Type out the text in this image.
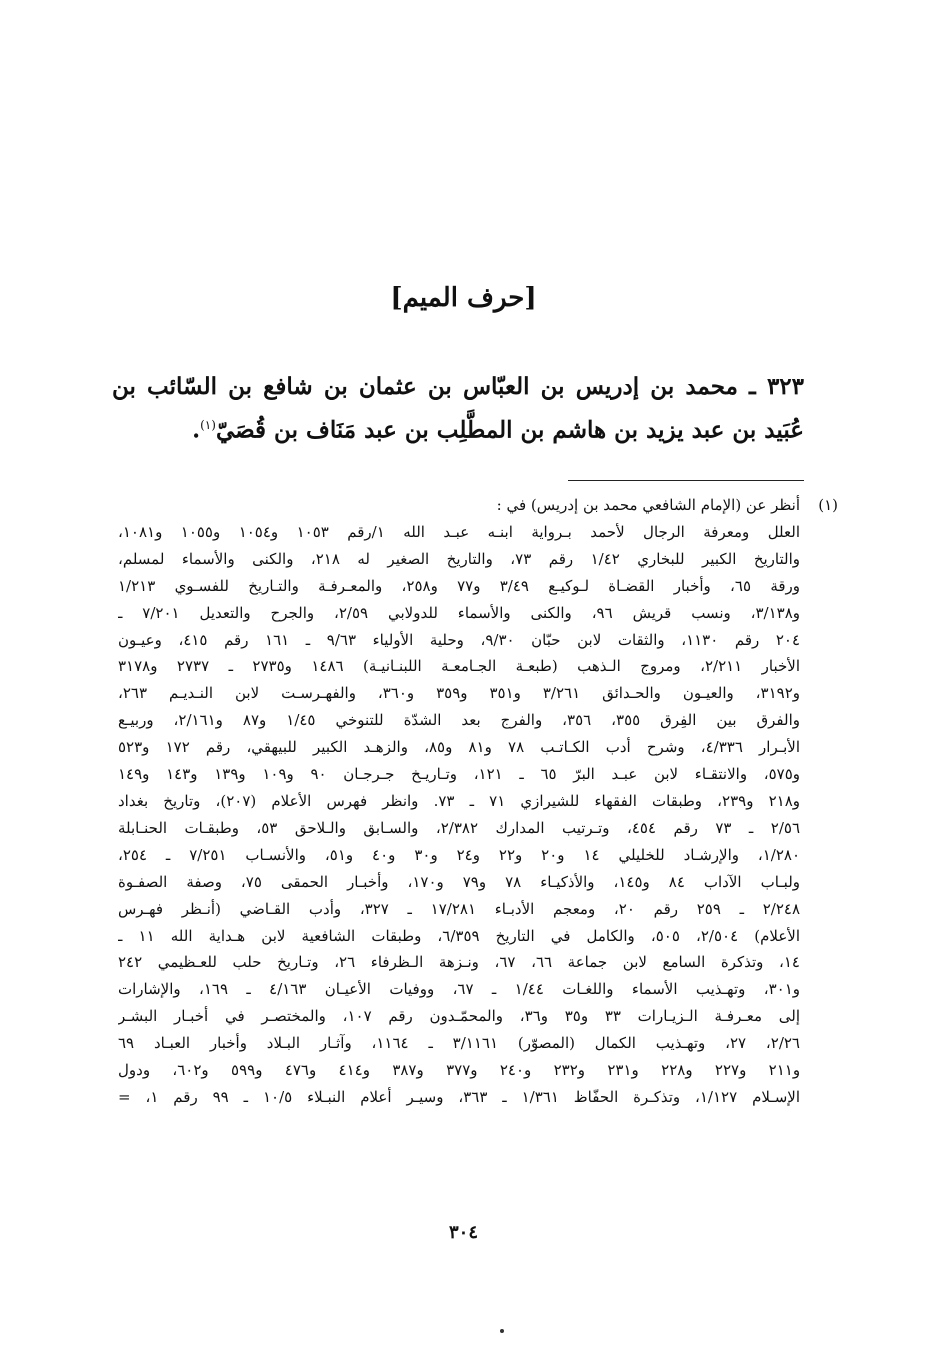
[حرف الميم]
٣٢٣ ـ محمد بن إدريس بن العبّاس بن عثمان بن شافع بن السّائب بن عُبَيد بن عبد يزيد بن هاشم بن المطَّلِب بن عبد مَنَاف بن قُصَيّ$^{(١)}$.
(١)
أنظر عن (الإمام الشافعي محمد بن إدريس) في :
العلل ومعرفة الرجال لأحمد بـرواية ابنـه عبـد الله ١/رقم ١٠٥٣ و١٠٥٤ و١٠٥٥ و١٠٨١،
والتاريخ الكبير للبخاري ١/٤٢ رقم ٧٣، والتاريخ الصغير له ٢١٨، والكنى والأسماء لمسلم،
ورقة ٦٥، وأخبار القضـاة لـوكيـع ٣/٤٩ و٧٧ و٢٥٨، والمعـرفـة والتـاريخ للفسـوي ١/٢١٣
و٣/١٣٨، ونسب قريش ٩٦، والكنى والأسماء للدولابي ٢/٥٩، والجرح والتعديل ٧/٢٠١ ـ
٢٠٤ رقم ١١٣٠، والثقات لابن حبّان ٩/٣٠، وحلية الأولياء ٩/٦٣ ـ ١٦١ رقم ٤١٥، وعيـون
الأخبار ٢/٢١١، ومروج الـذهب (طبعـة الجـامعـة اللبنـانيـة) ١٤٨٦ و٢٧٣٥ ـ ٢٧٣٧ و٣١٧٨
و٣١٩٢، والعيـون والحـدائق ٣/٢٦١ و٣٥١ و٣٥٩ و٣٦٠، والفهـرسـت لابن النـديـم ٢٦٣،
والفرق بين الفِرق ٣٥٥، ٣٥٦، والفرج بعد الشدّة للتنوخي ١/٤٥ و٨٧ و٢/١٦١، وربيـع
الأبـرار ٤/٣٣٦، وشرح أدب الكـاتـب ٧٨ و٨١ و٨٥، والزهـد الكبير للبيهقي، رقم ١٧٢ و٥٢٣
و٥٧٥، والانتقـاء لابن عبـد البرّ ٦٥ ـ ١٢١، وتـاريـخ جـرجـان ٩٠ و١٠٩ و١٣٩ و١٤٣ و١٤٩
و٢١٨ و٢٣٩، وطبقات الفقهاء للشيرازي ٧١ ـ ٧٣. وانظر فهرس الأعلام (٢٠٧)، وتاريخ بغداد
٢/٥٦ ـ ٧٣ رقم ٤٥٤، وتـرتيب المدارك ٢/٣٨٢، والسـابق والـلاحق ٥٣، وطبقـات الحنـابلة
١/٢٨٠، والإرشـاد للخليلي ١٤ و٢٠ و٢٢ و٢٤ و٣٠ و٤٠ و٥١، والأنسـاب ٧/٢٥١ ـ ٢٥٤،
ولبـاب الآداب ٨٤ و١٤٥، والأذكيـاء ٧٨ و٧٩ و١٧٠، وأخبـار الحمقى ٧٥، وصفة الصفـوة
٢/٢٤٨ ـ ٢٥٩ رقم ٢٠، ومعجم الأدبـاء ١٧/٢٨١ ـ ٣٢٧، وأدب القـاضي (أنـظر فهـرس
الأعلام) ٢/٥٠٤، ٥٠٥، والكامل في التاريخ ٦/٣٥٩، وطبقات الشافعية لابن هـداية الله ١١ ـ
١٤، وتذكرة السامع لابن جماعة ٦٦، ٦٧، ونـزهة الـظرفاء ٢٦، وتـاريخ حلب للعـظيمي ٢٤٢
و٣٠١، وتهـذيب الأسماء واللغـات ١/٤٤ ـ ٦٧، ووفيات الأعيـان ٤/١٦٣ ـ ١٦٩، والإشارات
إلى معـرفـة الـزيـارات ٣٣ و٣٥ و٣٦، والمحمّـدون رقم ١٠٧، والمختصـر في أخبـار البشـر
٢/٢٦، ٢٧، وتهـذيب الكمال (المصوّر) ٣/١١٦١ ـ ١١٦٤، وآثـار البـلاد وأخبار العبـاد ٦٩
و٢١١ و٢٢٧ و٢٢٨ و٢٣١ و٢٣٢ و٢٤٠ و٣٧٧ و٣٨٧ و٤١٤ و٤٧٦ و٥٩٩ و٦٠٢، ودول
الإسـلام ١/١٢٧، وتذكـرة الحفّاظ ١/٣٦١ ـ ٣٦٣، وسيـر أعلام النبـلاء ١٠/٥ ـ ٩٩ رقم ١، =
٣٠٤
